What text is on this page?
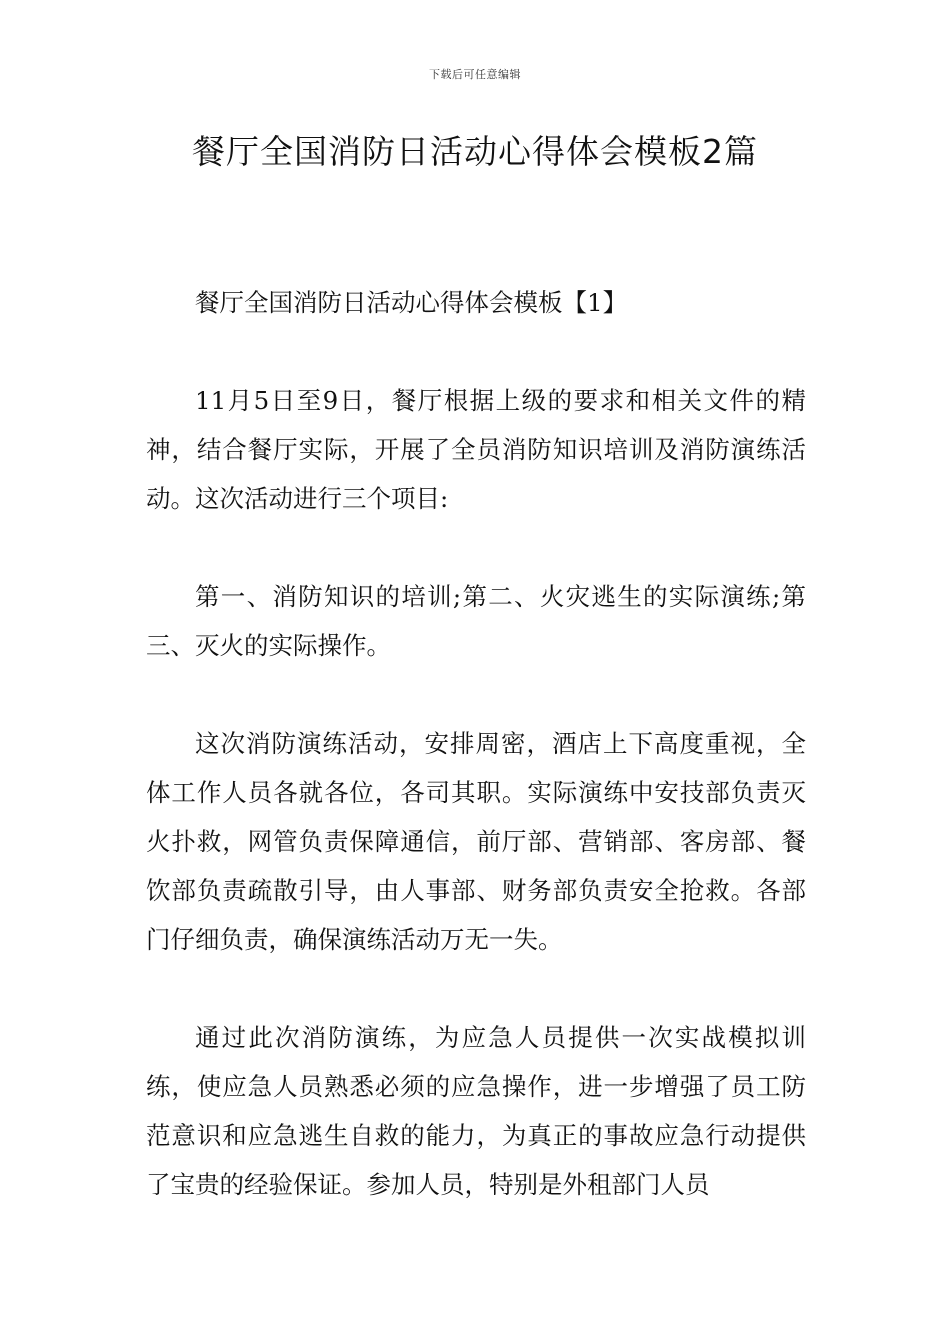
下载后可任意编辑
餐厅全国消防日活动心得体会模板2篇

餐厅全国消防日活动心得体会模板【1】

11月5日至9日，餐厅根据上级的要求和相关文件的精神，结合餐厅实际，开展了全员消防知识培训及消防演练活动。这次活动进行三个项目:

第一、消防知识的培训;第二、火灾逃生的实际演练;第三、灭火的实际操作。

这次消防演练活动，安排周密，酒店上下高度重视，全体工作人员各就各位，各司其职。实际演练中安技部负责灭火扑救，网管负责保障通信，前厅部、营销部、客房部、餐饮部负责疏散引导，由人事部、财务部负责安全抢救。各部门仔细负责，确保演练活动万无一失。

通过此次消防演练，为应急人员提供一次实战模拟训练，使应急人员熟悉必须的应急操作，进一步增强了员工防范意识和应急逃生自救的能力，为真正的事故应急行动提供了宝贵的经验保证。参加人员，特别是外租部门人员
